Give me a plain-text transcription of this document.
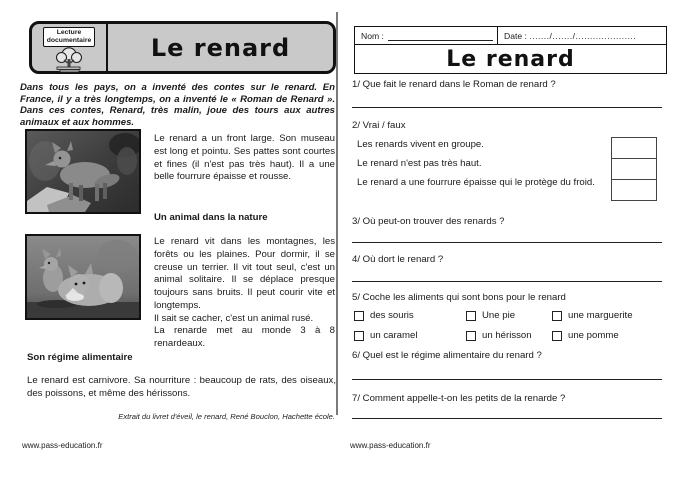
Lecture
documentaire Le renard

Dans tous les pays, on a inventé des contes sur le renard. En France, il y a très longtemps, on a inventé le « Roman de Renard ». Dans ces contes, Renard, très malin, joue des tours aux autres animaux et aux hommes.

Le renard a un front large. Son museau est long et pointu. Ses pattes sont courtes et fines (il n'est pas très haut). Il a une belle fourrure épaisse et rousse.

Un animal dans la nature

Le renard vit dans les montagnes, les forêts ou les plaines. Pour dormir, il se creuse un terrier. Il vit tout seul, c'est un animal solitaire. Il se déplace presque toujours sans bruits. Il peut courir vite et longtemps.

Il sait se cacher, c'est un animal rusé.

La renarde met au monde 3 à 8 renardeaux.

Son régime alimentaire

Le renard est carnivore. Sa nourriture : beaucoup de rats, des oiseaux, des poissons, et même des hérissons.

Extrait du livret d'éveil, le renard, René Bouclon, Hachette école.
www.pass-education.fr
Nom :	Date :
......./......./.....................
Le renard
1/ Que fait le renard dans le Roman de renard ?
2/ Vrai / faux
Les renards vivent en groupe.
Le renard n'est pas très haut.
Le renard a une fourrure épaisse qui le protège du froid.
3/ Où peut-on trouver des renards ?
4/ Où dort le renard ?
5/ Coche les aliments qui sont bons pour le renard
des souris	Une pie	une marguerite
un caramel	un hérisson	une pomme
6/ Quel est le régime alimentaire du renard ?
7/ Comment appelle-t-on les petits de la renarde ?
www.pass-education.fr
